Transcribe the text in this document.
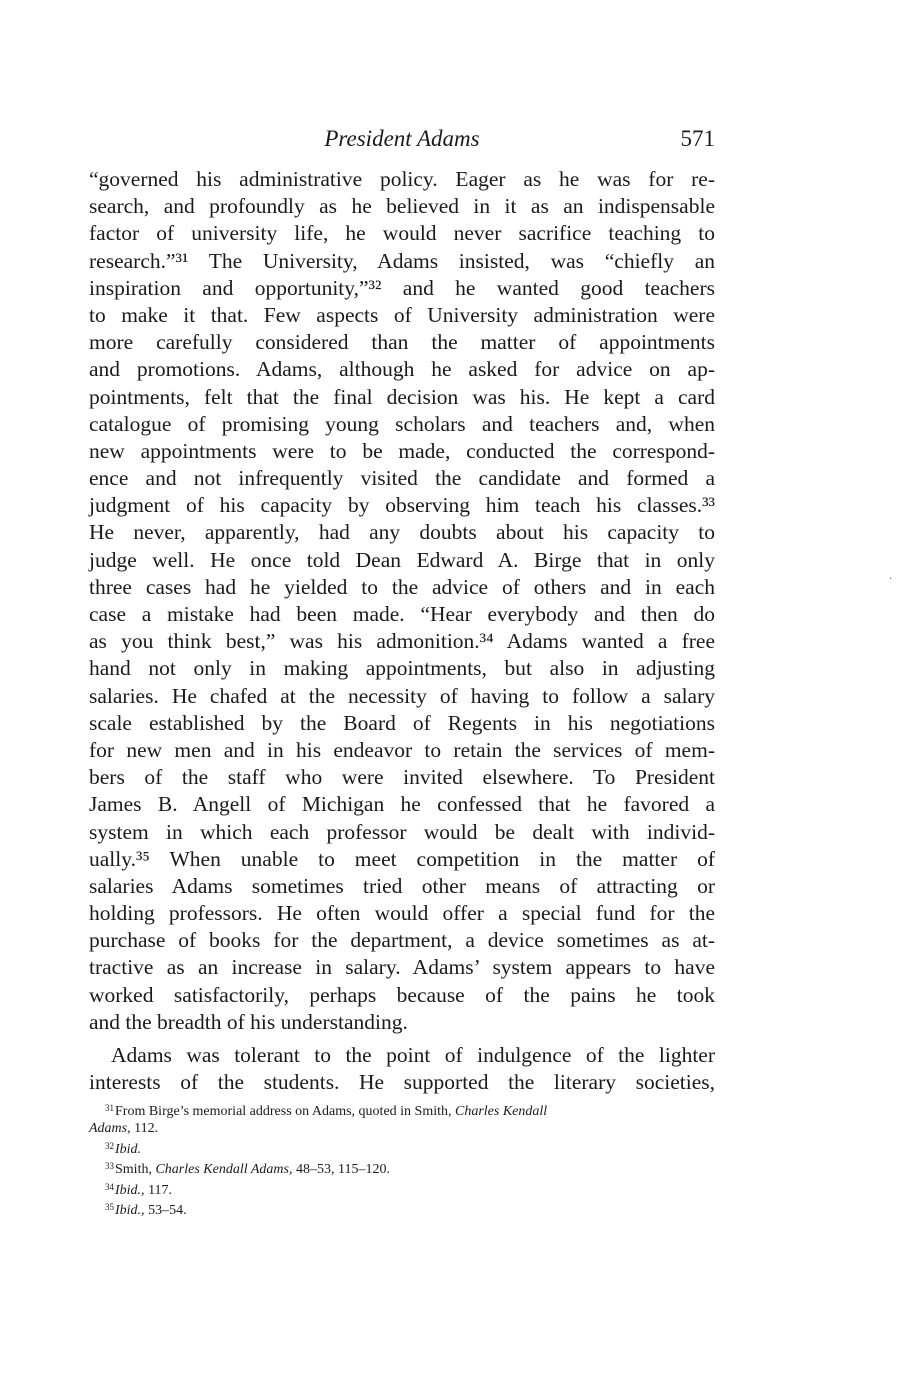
President Adams	571
“governed his administrative policy. Eager as he was for re-
search, and profoundly as he believed in it as an indispensable
factor of university life, he would never sacrifice teaching to
research.”³¹ The University, Adams insisted, was “chiefly an
inspiration and opportunity,”³² and he wanted good teachers
to make it that. Few aspects of University administration were
more carefully considered than the matter of appointments
and promotions. Adams, although he asked for advice on ap-
pointments, felt that the final decision was his. He kept a card
catalogue of promising young scholars and teachers and, when
new appointments were to be made, conducted the correspond-
ence and not infrequently visited the candidate and formed a
judgment of his capacity by observing him teach his classes.³³
He never, apparently, had any doubts about his capacity to
judge well. He once told Dean Edward A. Birge that in only
three cases had he yielded to the advice of others and in each
case a mistake had been made. “Hear everybody and then do
as you think best,” was his admonition.³⁴ Adams wanted a free
hand not only in making appointments, but also in adjusting
salaries. He chafed at the necessity of having to follow a salary
scale established by the Board of Regents in his negotiations
for new men and in his endeavor to retain the services of mem-
bers of the staff who were invited elsewhere. To President
James B. Angell of Michigan he confessed that he favored a
system in which each professor would be dealt with individ-
ually.³⁵ When unable to meet competition in the matter of
salaries Adams sometimes tried other means of attracting or
holding professors. He often would offer a special fund for the
purchase of books for the department, a device sometimes as at-
tractive as an increase in salary. Adams’ system appears to have
worked satisfactorily, perhaps because of the pains he took
and the breadth of his understanding.
Adams was tolerant to the point of indulgence of the lighter
interests of the students. He supported the literary societies,
$^{31}$From Birge’s memorial address on Adams, quoted in Smith, Charles Kendall
Adams, 112.
$^{32}$Ibid.
$^{33}$Smith, Charles Kendall Adams, 48–53, 115–120.
$^{34}$Ibid., 117.
$^{35}$Ibid., 53–54.
·
